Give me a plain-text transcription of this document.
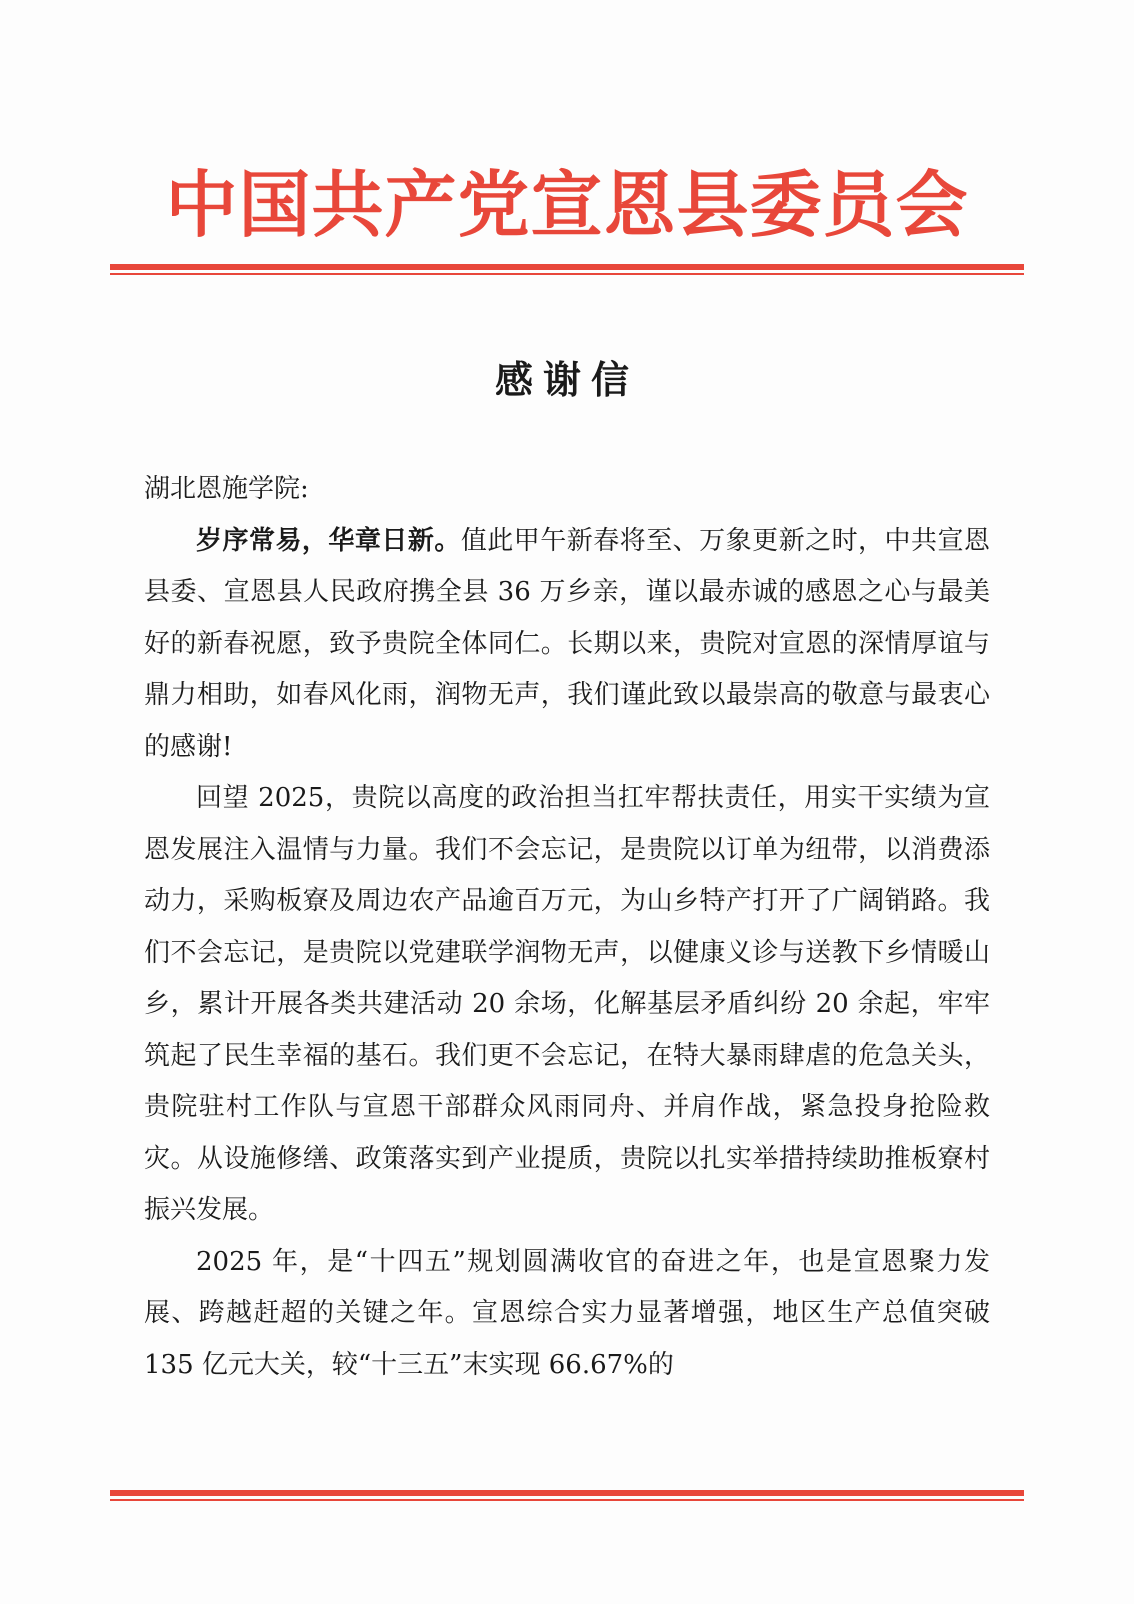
中国共产党宣恩县委员会
感谢信

湖北恩施学院:

岁序常易，华章日新。值此甲午新春将至、万象更新之时，中共宣恩县委、宣恩县人民政府携全县 36 万乡亲，谨以最赤诚的感恩之心与最美好的新春祝愿，致予贵院全体同仁。长期以来，贵院对宣恩的深情厚谊与鼎力相助，如春风化雨，润物无声，我们谨此致以最崇高的敬意与最衷心的感谢!

回望 2025，贵院以高度的政治担当扛牢帮扶责任，用实干实绩为宣恩发展注入温情与力量。我们不会忘记，是贵院以订单为纽带，以消费添动力，采购板寮及周边农产品逾百万元，为山乡特产打开了广阔销路。我们不会忘记，是贵院以党建联学润物无声，以健康义诊与送教下乡情暖山乡，累计开展各类共建活动 20 余场，化解基层矛盾纠纷 20 余起，牢牢筑起了民生幸福的基石。我们更不会忘记，在特大暴雨肆虐的危急关头，贵院驻村工作队与宣恩干部群众风雨同舟、并肩作战，紧急投身抢险救灾。从设施修缮、政策落实到产业提质，贵院以扎实举措持续助推板寮村振兴发展。

2025 年，是“十四五”规划圆满收官的奋进之年，也是宣恩聚力发展、跨越赶超的关键之年。宣恩综合实力显著增强，地区生产总值突破 135 亿元大关，较“十三五”末实现 66.67%的
